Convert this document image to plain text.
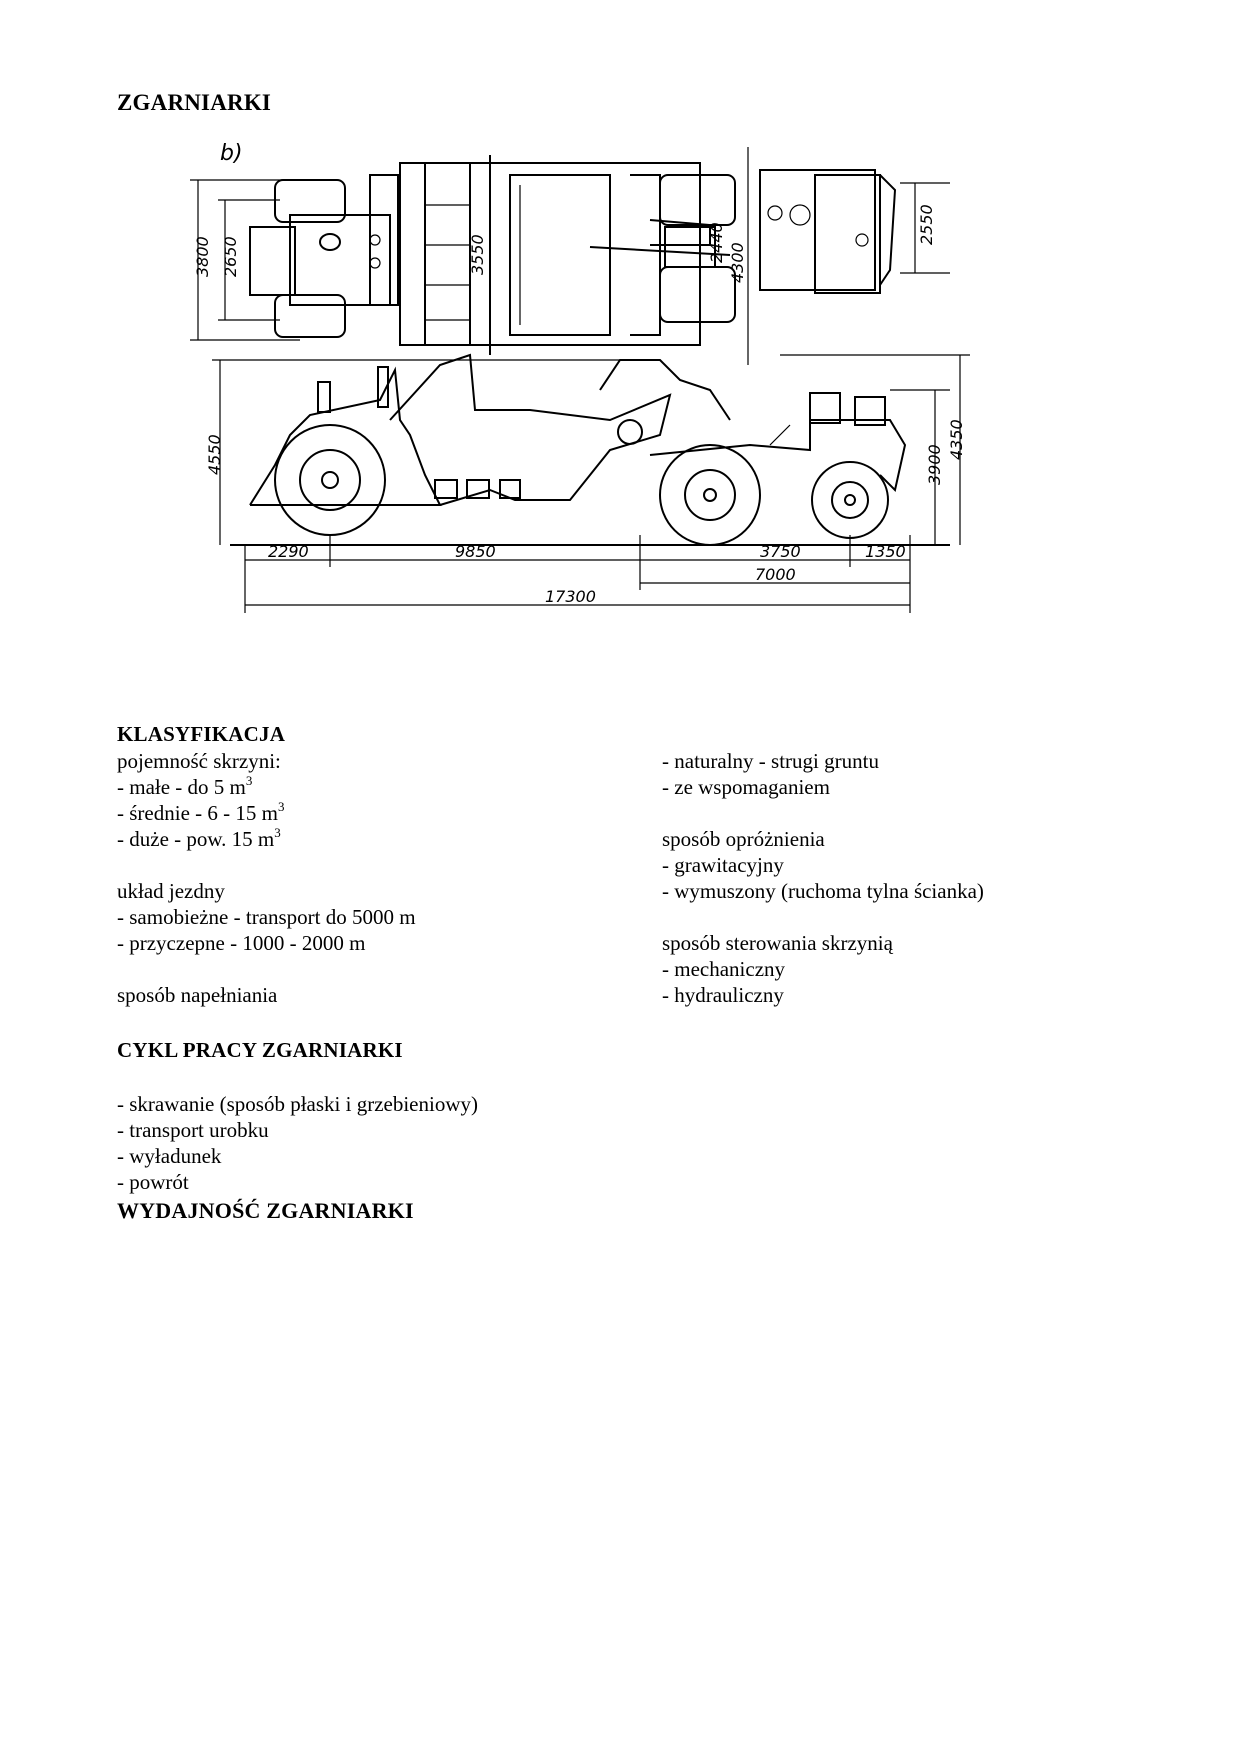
ZGARNIARKI
b)
3800 2650	3550	2440 4300
2550
4550	3900
4350
2290	9850	3750	1350
7000
17300
KLASYFIKACJA
pojemność skrzyni:
- małe - do 5 $m^3$
- średnie - 6 - 15 $m^3$
- duże - pow. 15 $m^3$

układ jezdny
- samobieżne - transport do 5000 m
- przyczepne - 1000 - 2000 m

sposób napełniania
- naturalny - strugi gruntu
- ze wspomaganiem

sposób opróżnienia
- grawitacyjny
- wymuszony (ruchoma tylna ścianka)

sposób sterowania skrzynią
- mechaniczny
- hydrauliczny
CYKL PRACY ZGARNIARKI
- skrawanie (sposób płaski i grzebieniowy)
- transport urobku
- wyładunek
- powrót
WYDAJNOŚĆ ZGARNIARKI
